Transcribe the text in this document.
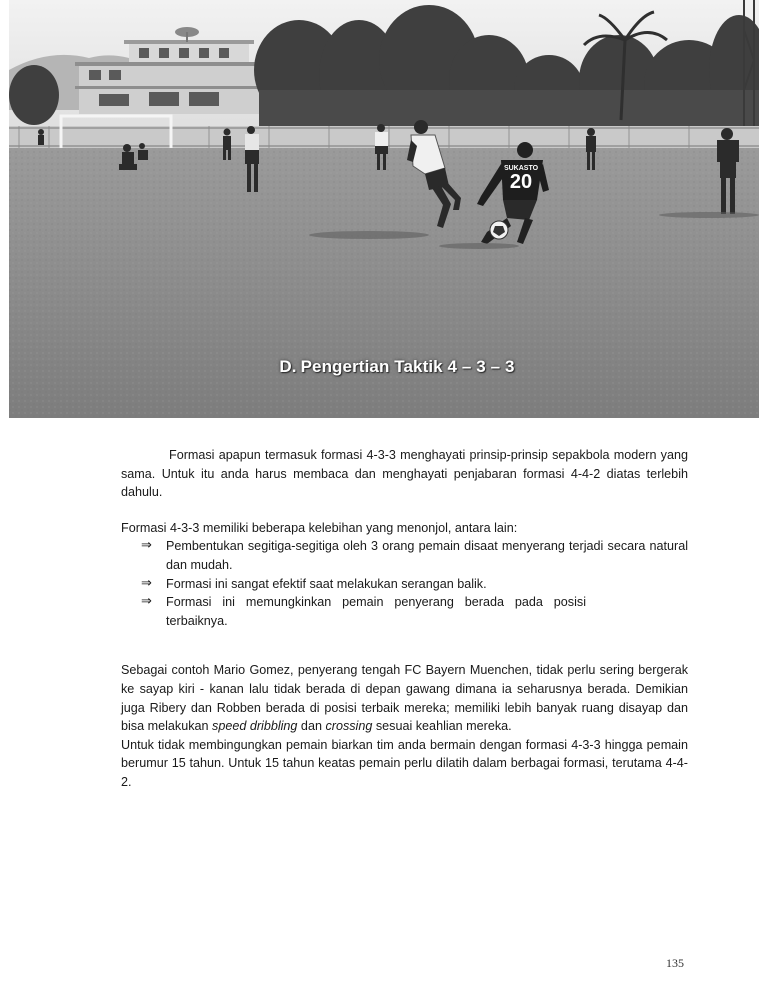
20
SUKASTO
D. Pengertian Taktik 4 – 3 – 3

Formasi apapun termasuk formasi 4-3-3 menghayati prinsip-prinsip sepakbola modern yang sama. Untuk itu anda harus membaca dan menghayati penjabaran formasi 4-4-2 diatas terlebih dahulu.

Formasi 4-3-3 memiliki beberapa kelebihan yang menonjol, antara lain:

⇒	Pembentukan segitiga-segitiga oleh 3 orang pemain disaat menyerang terjadi secara natural dan mudah.
⇒	Formasi ini sangat efektif saat melakukan serangan balik.
⇒	Formasi ini memungkinkan pemain penyerang berada pada posisi
terbaiknya.

Sebagai contoh Mario Gomez, penyerang tengah FC Bayern Muenchen, tidak perlu sering bergerak ke sayap kiri - kanan lalu tidak berada di depan gawang dimana ia seharusnya berada. Demikian juga Ribery dan Robben berada di posisi terbaik mereka; memiliki lebih banyak ruang disayap dan bisa melakukan speed dribbling dan crossing sesuai keahlian mereka.

Untuk tidak membingungkan pemain biarkan tim anda bermain dengan formasi 4-3-3 hingga pemain berumur 15 tahun. Untuk 15 tahun keatas pemain perlu dilatih dalam berbagai formasi, terutama 4-4-2.

135
